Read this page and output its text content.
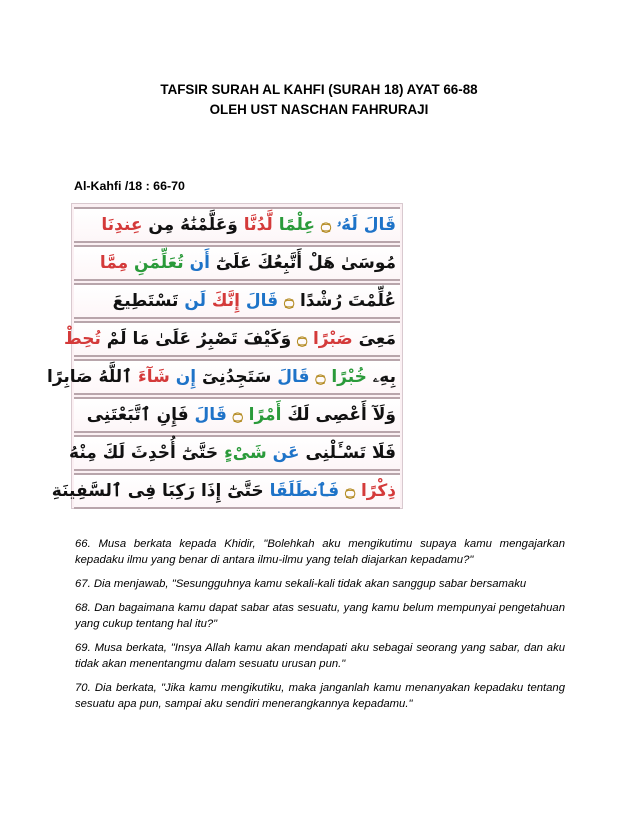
TAFSIR SURAH AL KAHFI (SURAH 18) AYAT 66-88
OLEH UST NASCHAN FAHRURAJI
Al-Kahfi /18 : 66-70
قَالَ لَهُۥ ۝ عِلْمًا لَّدُنَّا وَعَلَّمْنَٰهُ مِن عِندِنَا
مُوسَىٰ هَلْ أَتَّبِعُكَ عَلَىٰٓ أَن تُعَلِّمَنِ مِمَّا
عُلِّمْتَ رُشْدًا ۝ قَالَ إِنَّكَ لَن تَسْتَطِيعَ
مَعِىَ صَبْرًا ۝ وَكَيْفَ تَصْبِرُ عَلَىٰ مَا لَمْ تُحِطْ
بِهِۦ خُبْرًا ۝ قَالَ سَتَجِدُنِىٓ إِن شَآءَ ٱللَّهُ صَابِرًا
وَلَآ أَعْصِى لَكَ أَمْرًا ۝ قَالَ فَإِنِ ٱتَّبَعْتَنِى
فَلَا تَسْـَٔلْنِى عَن شَىْءٍ حَتَّىٰٓ أُحْدِثَ لَكَ مِنْهُ
ذِكْرًا ۝ فَٱنطَلَقَا حَتَّىٰٓ إِذَا رَكِبَا فِى ٱلسَّفِينَةِ

66. Musa berkata kepada Khidir, "Bolehkah aku mengikutimu supaya kamu mengajarkan kepadaku ilmu yang benar di antara ilmu-ilmu yang telah diajarkan kepadamu?"

67. Dia menjawab, "Sesungguhnya kamu sekali-kali tidak akan sanggup sabar bersamaku

68. Dan bagaimana kamu dapat sabar atas sesuatu, yang kamu belum mempunyai pengetahuan yang cukup tentang hal itu?"

69. Musa berkata, "Insya Allah kamu akan mendapati aku sebagai seorang yang sabar, dan aku tidak akan menentangmu dalam sesuatu urusan pun."

70. Dia berkata, "Jika kamu mengikutiku, maka janganlah kamu menanyakan kepadaku tentang sesuatu apa pun, sampai aku sendiri menerangkannya kepadamu."
